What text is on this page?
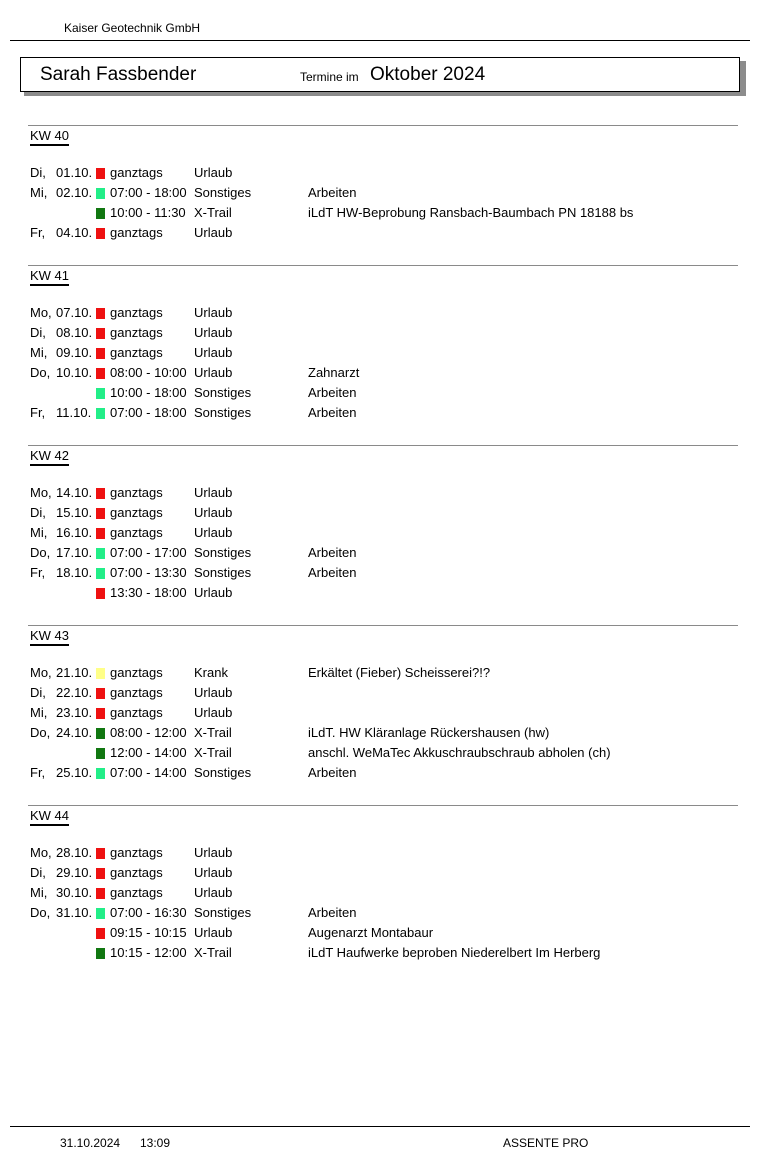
Kaiser Geotechnik GmbH
Sarah Fassbender	Termine im Oktober 2024
KW 40
Di, 01.10. ganztags Urlaub
Mi, 02.10. 07:00 - 18:00 Sonstiges	Arbeiten
10:00 - 11:30 X-Trail	iLdT HW-Beprobung Ransbach-Baumbach PN 18188 bs
Fr, 04.10. ganztags Urlaub
KW 41
Mo, 07.10. ganztags Urlaub
Di, 08.10. ganztags Urlaub
Mi, 09.10. ganztags Urlaub
Do, 10.10. 08:00 - 10:00 Urlaub	Zahnarzt
10:00 - 18:00 Sonstiges	Arbeiten
Fr, 11.10. 07:00 - 18:00 Sonstiges	Arbeiten
KW 42
Mo, 14.10. ganztags Urlaub
Di, 15.10. ganztags Urlaub
Mi, 16.10. ganztags Urlaub
Do, 17.10. 07:00 - 17:00 Sonstiges	Arbeiten
Fr, 18.10. 07:00 - 13:30 Sonstiges	Arbeiten
13:30 - 18:00 Urlaub
KW 43
Mo, 21.10. ganztags Krank	Erkältet (Fieber) Scheisserei?!?
Di, 22.10. ganztags Urlaub
Mi, 23.10. ganztags Urlaub
Do, 24.10. 08:00 - 12:00 X-Trail	iLdT. HW Kläranlage Rückershausen (hw)
12:00 - 14:00 X-Trail	anschl. WeMaTec Akkuschraubschraub abholen (ch)
Fr, 25.10. 07:00 - 14:00 Sonstiges	Arbeiten
KW 44
Mo, 28.10. ganztags Urlaub
Di, 29.10. ganztags Urlaub
Mi, 30.10. ganztags Urlaub
Do, 31.10. 07:00 - 16:30 Sonstiges	Arbeiten
09:15 - 10:15 Urlaub	Augenarzt Montabaur
10:15 - 12:00 X-Trail	iLdT Haufwerke beproben Niederelbert Im Herberg
31.10.2024 13:09	ASSENTE PRO
